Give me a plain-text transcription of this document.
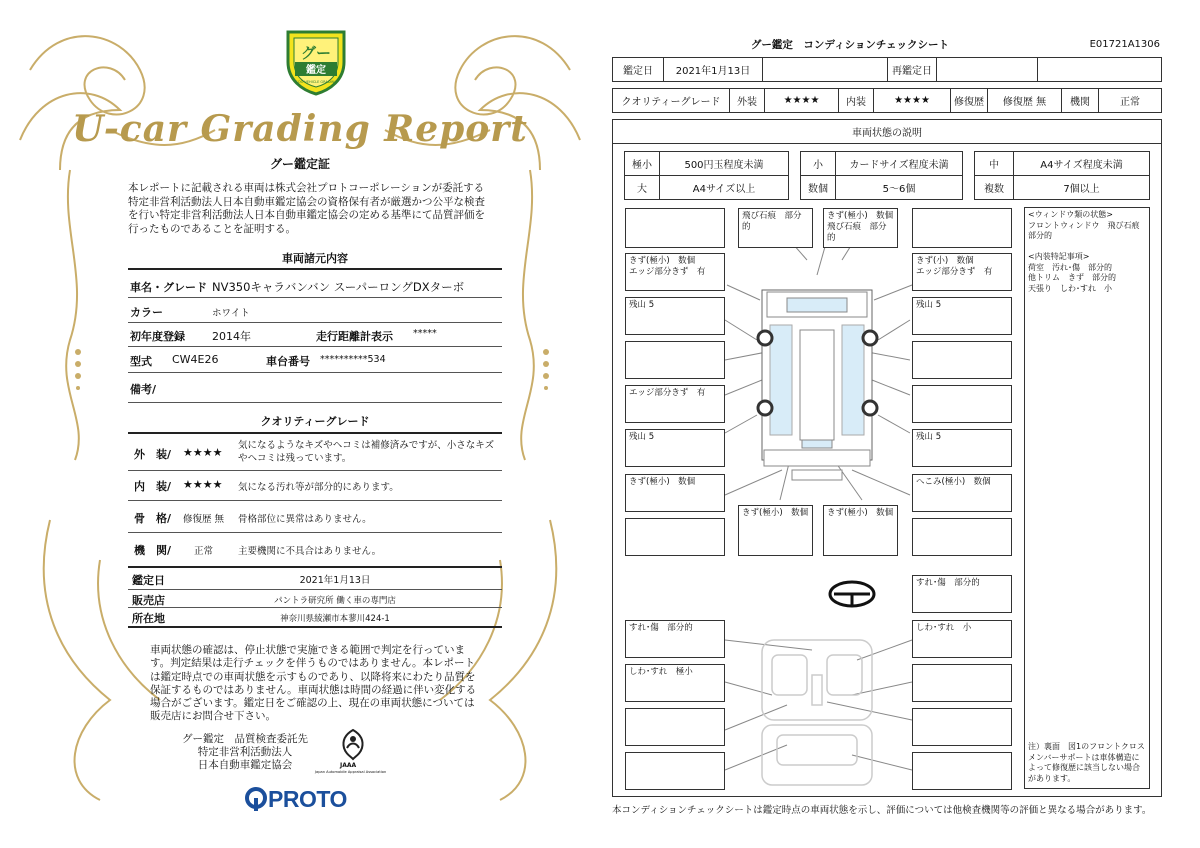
グー
鑑定
GOO VEHICLE GRADING
U-car Grading Report
グー鑑定証
本レポートに記載される車両は株式会社プロトコーポレーションが委託する特定非営利活動法人日本自動車鑑定協会の資格保有者が厳選かつ公平な検査を行い特定非営利活動法人日本自動車鑑定協会の定める基準にて品質評価を行ったものであることを証明する。
車両諸元内容
車名・グレード NV350キャラバンバン スーパーロングDXターボ
カラー	ホワイト
初年度登録 2014年	走行距離計表示 *****
型式 CW4E26	車台番号 **********534
備考/
クオリティーグレード
外　装/ ★★★★
気になるようなキズやヘコミは補修済みですが、小さなキズやヘコミは残っています。
内　装/ ★★★★ 気になる汚れ等が部分的にあります。
骨　格/ 修復歴 無 骨格部位に異常はありません。
機　関/ 正常	主要機関に不具合はありません。
鑑定日	2021年1月13日
販売店	パントラ研究所 働く車の専門店
所在地	神奈川県綾瀬市本蓼川424-1
車両状態の確認は、停止状態で実施できる範囲で判定を行っています。判定結果は走行チェックを伴うものではありません。本レポートは鑑定時点での車両状態を示すものであり、以降将来にわたり品質を保証するものではありません。車両状態は時間の経過に伴い変化する場合がございます。鑑定日をご確認の上、現在の車両状態については販売店にお問合せ下さい。
グー鑑定　品質検査委託先
特定非営利活動法人
日本自動車鑑定協会	JAAA
Japan Automobile Appraisal Association
PROTO
グー鑑定　コンディションチェックシート	E01721A1306
鑑定日	2021年1月13日	再鑑定日
クオリティーグレード	外装	★★★★	内装	★★★★	修復歴	修復歴 無	機関	正常
車両状態の説明
極小	500円玉程度未満	小	カードサイズ程度未満	中	A4サイズ程度未満
大	A4サイズ以上	数個	5～6個	複数	7個以上
飛び石痕　部分的
きず(極小)　数個
飛び石痕　部分的
きず(極小)　数個
エッジ部分きず　有
きず(小)　数個
エッジ部分きず　有
残山 5	残山 5
エッジ部分きず　有
残山 5	残山 5
きず(極小)　数個	へこみ(極小)　数個
きず(極小)　数個	きず(極小)　数個
すれ･傷　部分的
すれ･傷　部分的	しわ･すれ　小
しわ･すれ　極小
<ウィンドウ類の状態>
フロントウィンドウ　飛び石痕
部分的

<内装特記事項>
荷室　汚れ･傷　部分的
他トリム　きず　部分的
天張り　しわ･すれ　小
注）裏面　図1のフロントクロスメンバーサポートは車体構造によって修復歴に該当しない場合があります。
本コンディションチェックシートは鑑定時点の車両状態を示し、評価については他検査機関等の評価と異なる場合があります。
